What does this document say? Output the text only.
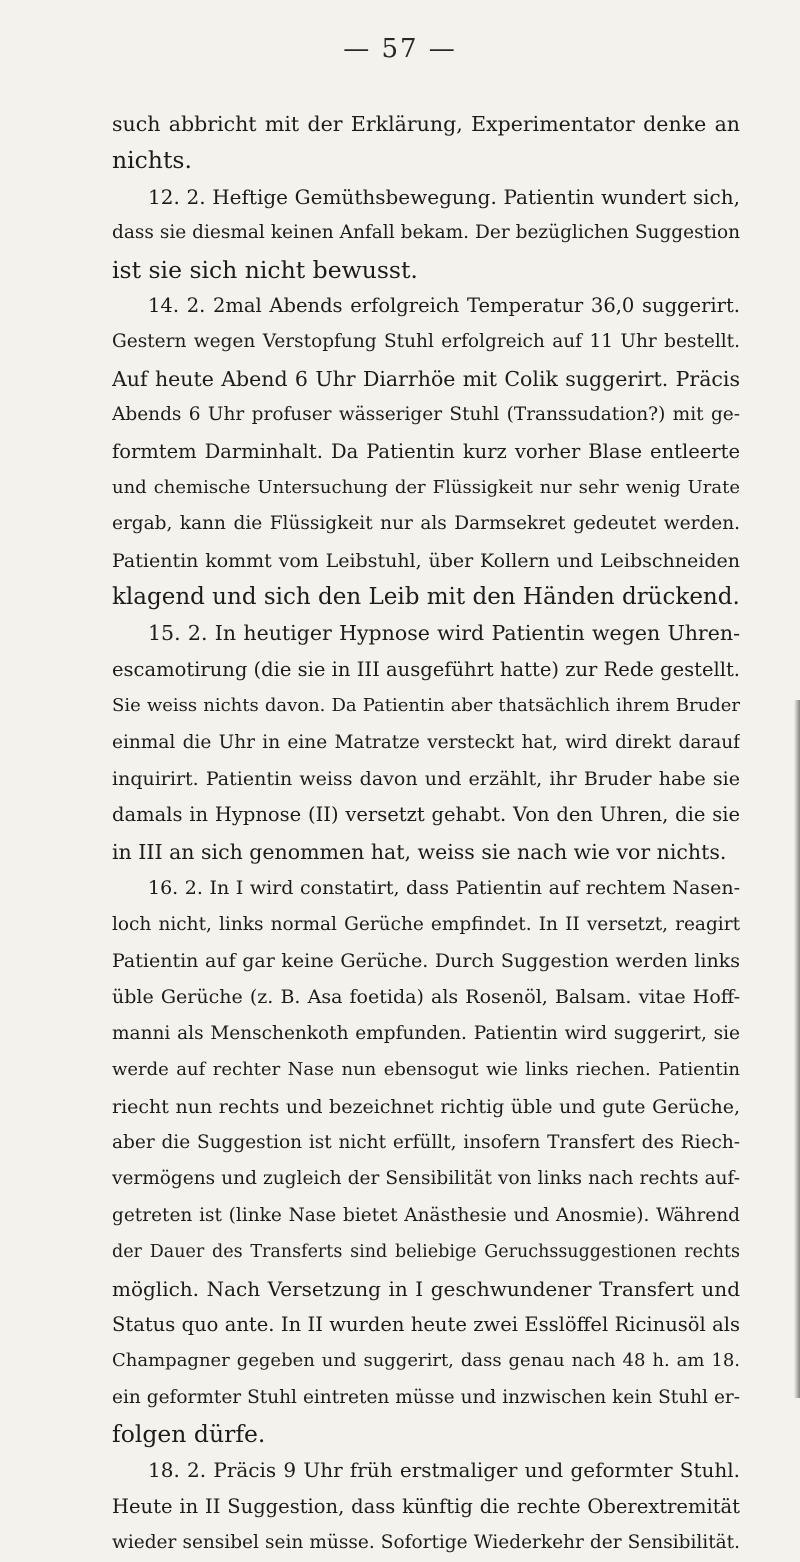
— 57 —
such abbricht mit der Erklärung, Experimentator denke an
nichts.
12. 2. Heftige Gemüthsbewegung. Patientin wundert sich,
dass sie diesmal keinen Anfall bekam. Der bezüglichen Suggestion
ist sie sich nicht bewusst.
14. 2. 2mal Abends erfolgreich Temperatur 36,0 suggerirt.
Gestern wegen Verstopfung Stuhl erfolgreich auf 11 Uhr bestellt.
Auf heute Abend 6 Uhr Diarrhöe mit Colik suggerirt. Präcis
Abends 6 Uhr profuser wässeriger Stuhl (Transsudation?) mit ge-
formtem Darminhalt. Da Patientin kurz vorher Blase entleerte
und chemische Untersuchung der Flüssigkeit nur sehr wenig Urate
ergab, kann die Flüssigkeit nur als Darmsekret gedeutet werden.
Patientin kommt vom Leibstuhl, über Kollern und Leibschneiden
klagend und sich den Leib mit den Händen drückend.
15. 2. In heutiger Hypnose wird Patientin wegen Uhren-
escamotirung (die sie in III ausgeführt hatte) zur Rede gestellt.
Sie weiss nichts davon. Da Patientin aber thatsächlich ihrem Bruder
einmal die Uhr in eine Matratze versteckt hat, wird direkt darauf
inquirirt. Patientin weiss davon und erzählt, ihr Bruder habe sie
damals in Hypnose (II) versetzt gehabt. Von den Uhren, die sie
in III an sich genommen hat, weiss sie nach wie vor nichts.
16. 2. In I wird constatirt, dass Patientin auf rechtem Nasen-
loch nicht, links normal Gerüche empfindet. In II versetzt, reagirt
Patientin auf gar keine Gerüche. Durch Suggestion werden links
üble Gerüche (z. B. Asa foetida) als Rosenöl, Balsam. vitae Hoff-
manni als Menschenkoth empfunden. Patientin wird suggerirt, sie
werde auf rechter Nase nun ebensogut wie links riechen. Patientin
riecht nun rechts und bezeichnet richtig üble und gute Gerüche,
aber die Suggestion ist nicht erfüllt, insofern Transfert des Riech-
vermögens und zugleich der Sensibilität von links nach rechts auf-
getreten ist (linke Nase bietet Anästhesie und Anosmie). Während
der Dauer des Transferts sind beliebige Geruchssuggestionen rechts
möglich. Nach Versetzung in I geschwundener Transfert und
Status quo ante. In II wurden heute zwei Esslöffel Ricinusöl als
Champagner gegeben und suggerirt, dass genau nach 48 h. am 18.
ein geformter Stuhl eintreten müsse und inzwischen kein Stuhl er-
folgen dürfe.
18. 2. Präcis 9 Uhr früh erstmaliger und geformter Stuhl.
Heute in II Suggestion, dass künftig die rechte Oberextremität
wieder sensibel sein müsse. Sofortige Wiederkehr der Sensibilität.
